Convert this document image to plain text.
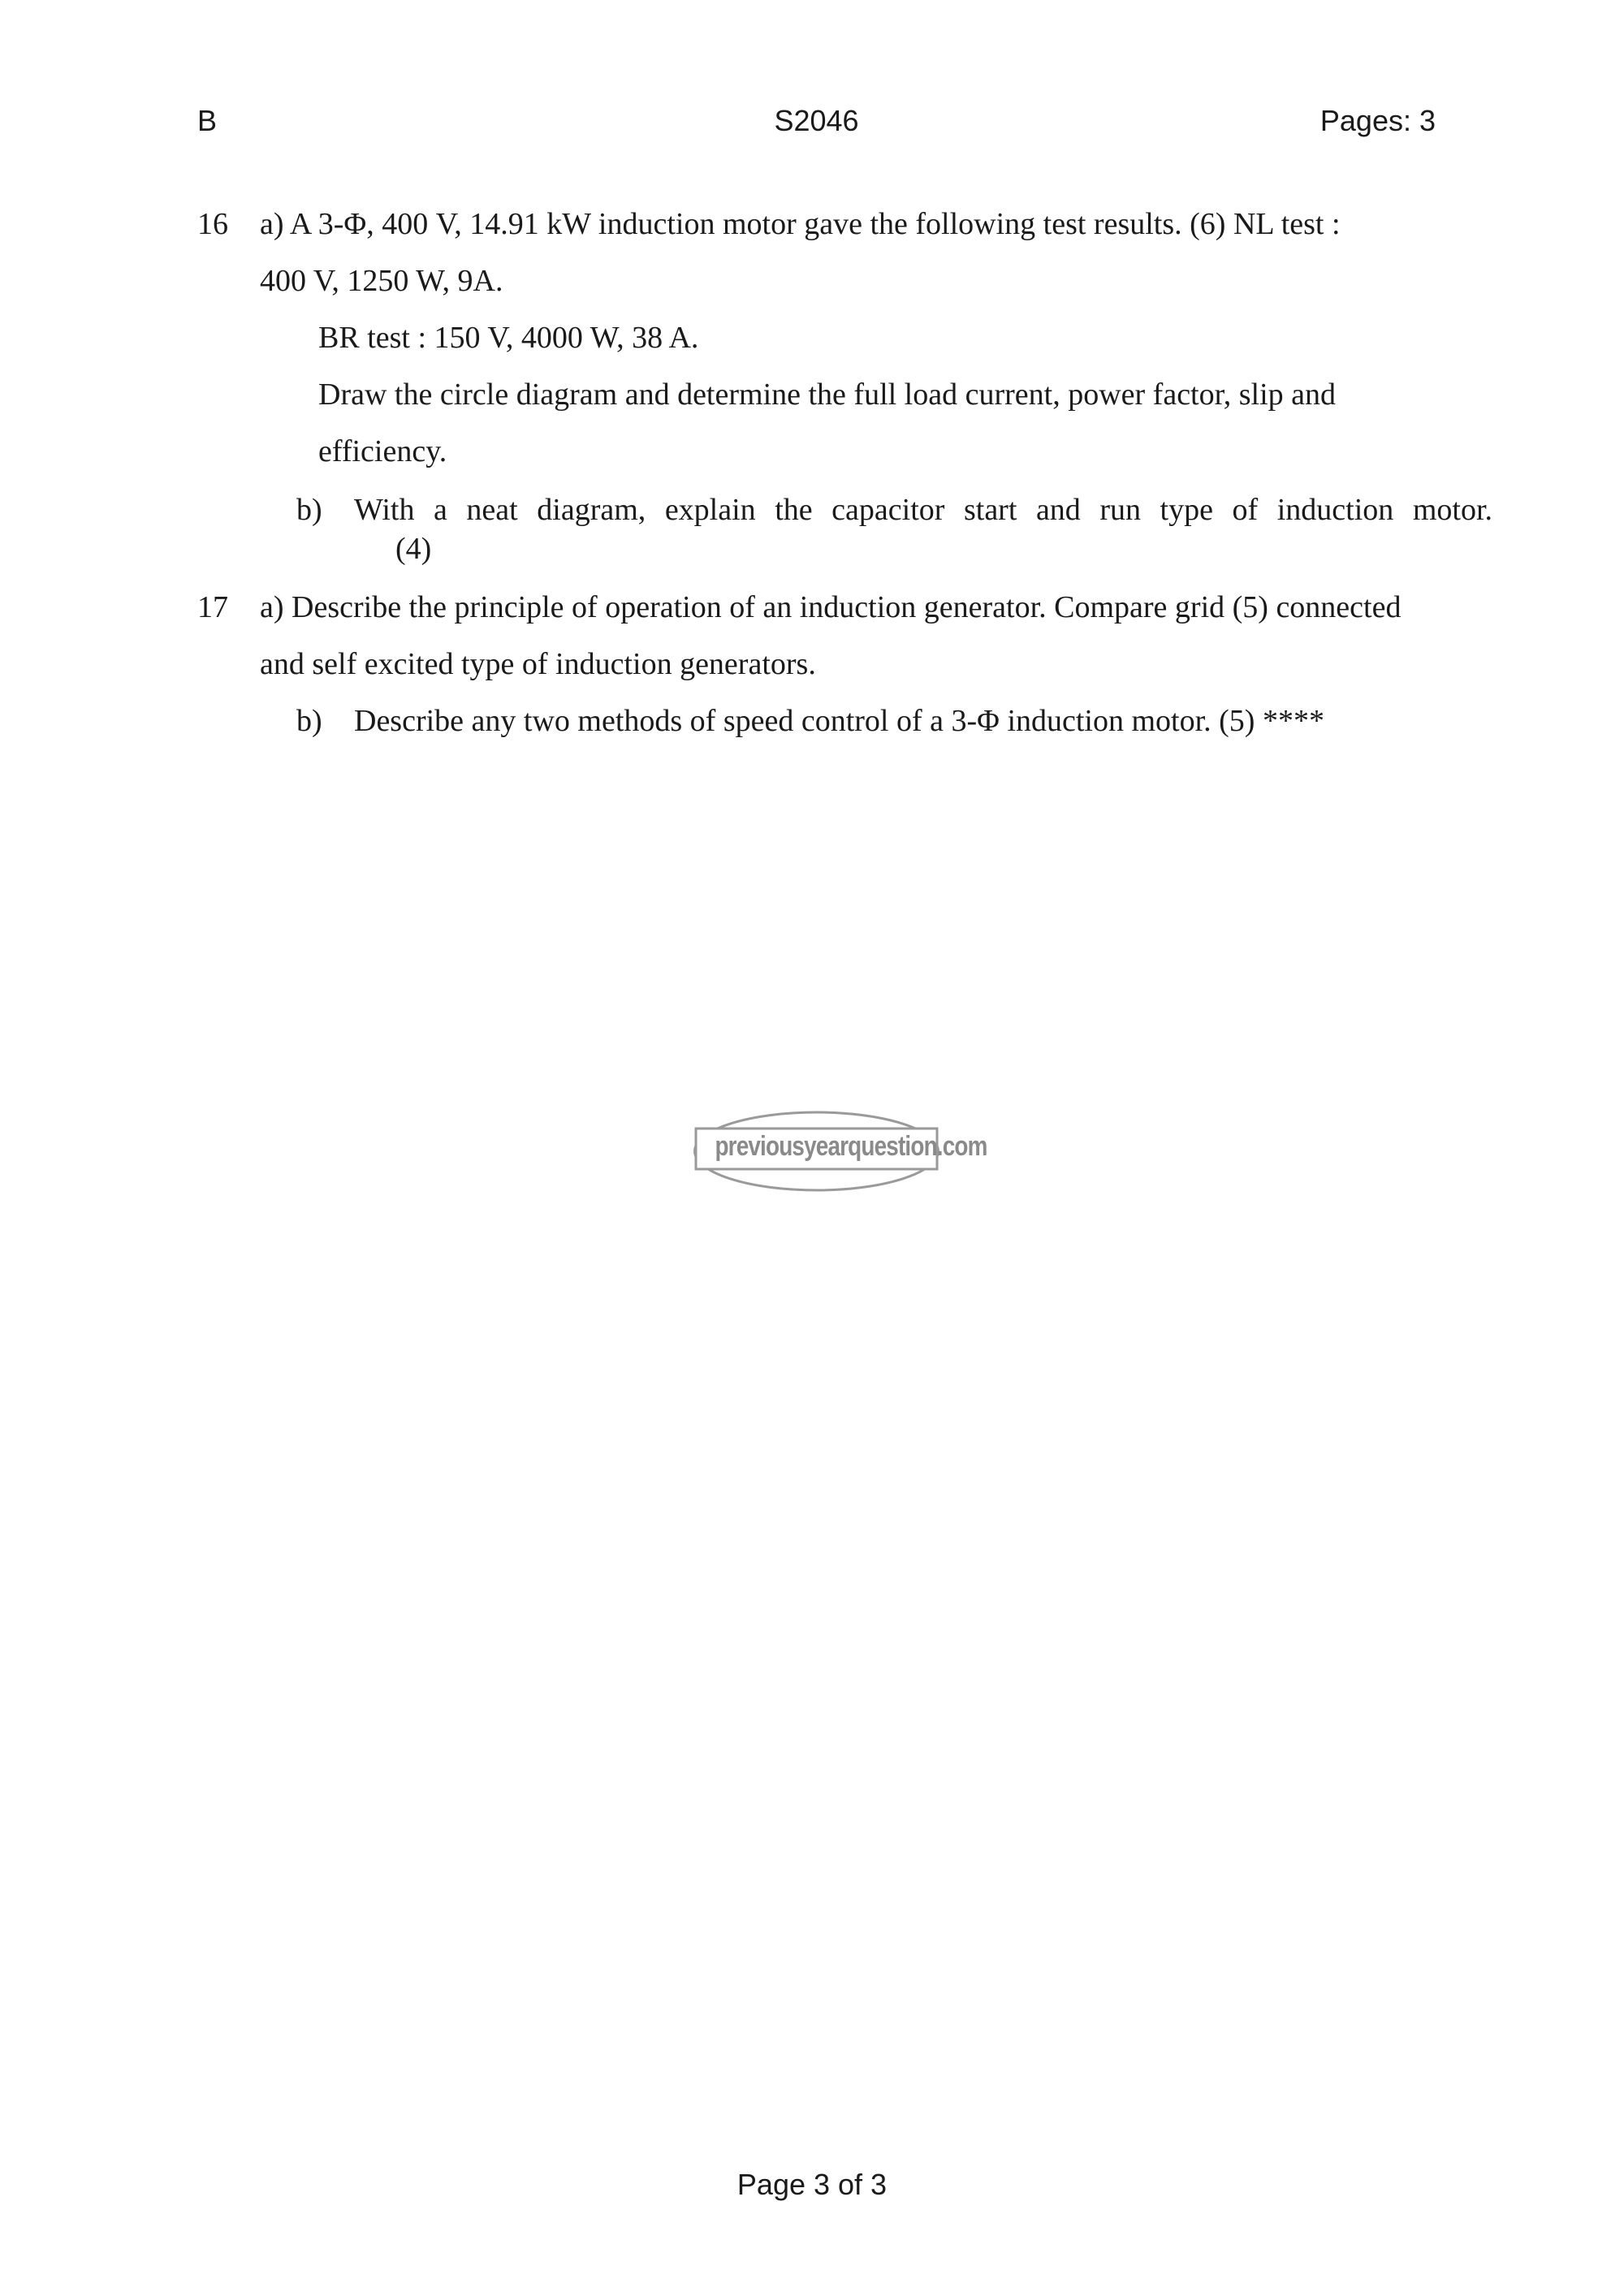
B	S2046	Pages: 3
16 a) A 3-Φ, 400 V, 14.91 kW induction motor gave the following test results. (6) NL test :
400 V, 1250 W, 9A.
BR test : 150 V, 4000 W, 38 A.
Draw the circle diagram and determine the full load current, power factor, slip and
efficiency.
b) With a neat diagram, explain the capacitor start and run type of induction motor.
(4)
17 a) Describe the principle of operation of an induction generator. Compare grid (5) connected
and self excited type of induction generators.
b) Describe any two methods of speed control of a 3-Φ induction motor. (5) ****
previousyearquestion.com
Page 3 of 3
